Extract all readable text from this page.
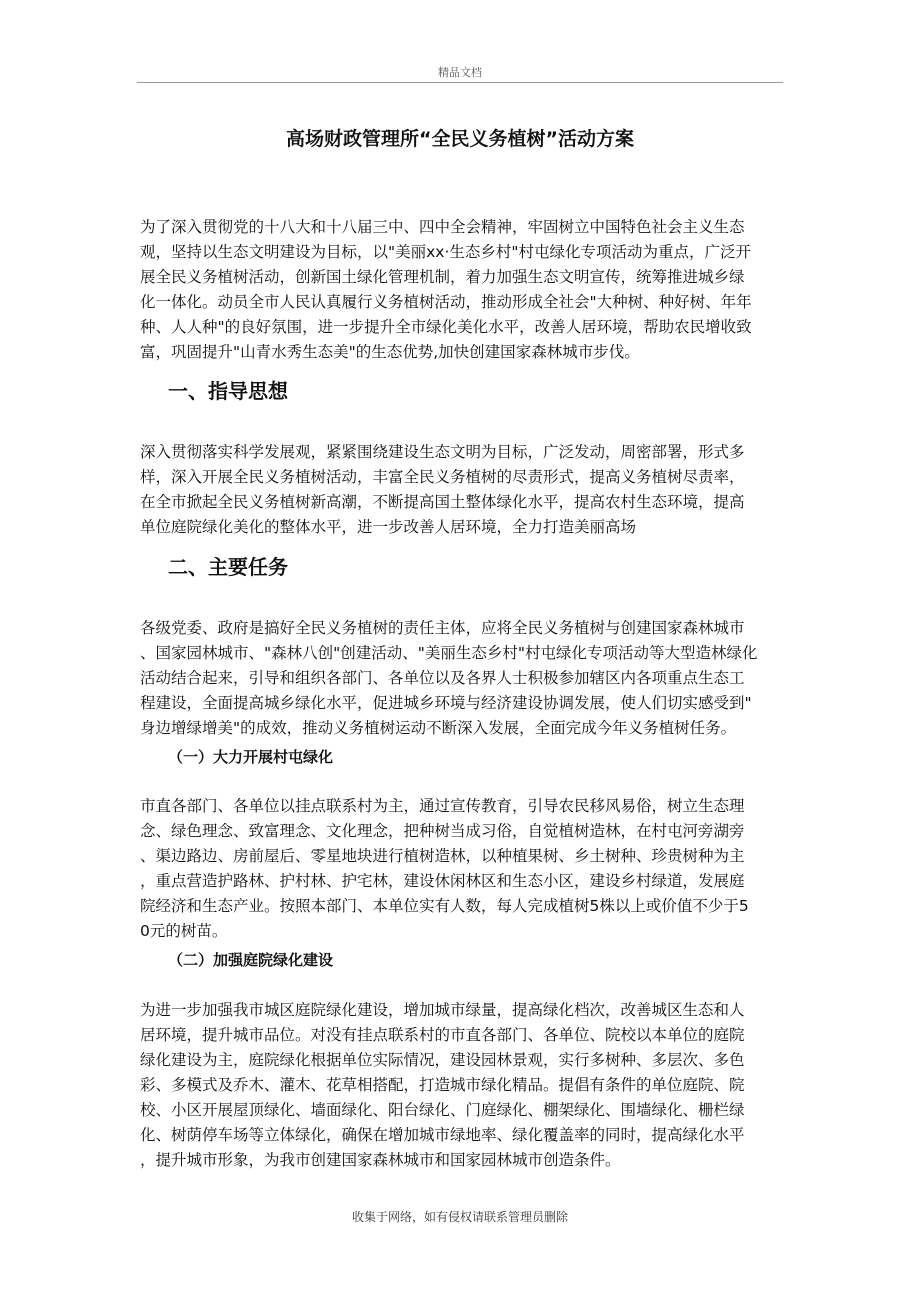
精品文档
高场财政管理所“全民义务植树”活动方案
为了深入贯彻党的十八大和十八届三中、四中全会精神，牢固树立中国特色社会主义生态
观，坚持以生态文明建设为目标，以"美丽xx·生态乡村"村屯绿化专项活动为重点，广泛开
展全民义务植树活动，创新国土绿化管理机制，着力加强生态文明宣传，统筹推进城乡绿
化一体化。动员全市人民认真履行义务植树活动，推动形成全社会"大种树、种好树、年年
种、人人种"的良好氛围，进一步提升全市绿化美化水平，改善人居环境，帮助农民增收致
富，巩固提升"山青水秀生态美"的生态优势,加快创建国家森林城市步伐。
一、指导思想
深入贯彻落实科学发展观，紧紧围绕建设生态文明为目标，广泛发动，周密部署，形式多
样，深入开展全民义务植树活动，丰富全民义务植树的尽责形式，提高义务植树尽责率，
在全市掀起全民义务植树新高潮，不断提高国土整体绿化水平，提高农村生态环境，提高
单位庭院绿化美化的整体水平，进一步改善人居环境，全力打造美丽高场
二、主要任务
各级党委、政府是搞好全民义务植树的责任主体，应将全民义务植树与创建国家森林城市
、国家园林城市、"森林八创"创建活动、"美丽生态乡村"村屯绿化专项活动等大型造林绿化
活动结合起来，引导和组织各部门、各单位以及各界人士积极参加辖区内各项重点生态工
程建设，全面提高城乡绿化水平，促进城乡环境与经济建设协调发展，使人们切实感受到"
身边增绿增美"的成效，推动义务植树运动不断深入发展，全面完成今年义务植树任务。
（一）大力开展村屯绿化
市直各部门、各单位以挂点联系村为主，通过宣传教育，引导农民移风易俗，树立生态理
念、绿色理念、致富理念、文化理念，把种树当成习俗，自觉植树造林，在村屯河旁湖旁
、渠边路边、房前屋后、零星地块进行植树造林，以种植果树、乡土树种、珍贵树种为主
，重点营造护路林、护村林、护宅林，建设休闲林区和生态小区，建设乡村绿道，发展庭
院经济和生态产业。按照本部门、本单位实有人数，每人完成植树5株以上或价值不少于5
0元的树苗。
（二）加强庭院绿化建设
为进一步加强我市城区庭院绿化建设，增加城市绿量，提高绿化档次，改善城区生态和人
居环境，提升城市品位。对没有挂点联系村的市直各部门、各单位、院校以本单位的庭院
绿化建设为主，庭院绿化根据单位实际情况，建设园林景观，实行多树种、多层次、多色
彩、多模式及乔木、灌木、花草相搭配，打造城市绿化精品。提倡有条件的单位庭院、院
校、小区开展屋顶绿化、墙面绿化、阳台绿化、门庭绿化、棚架绿化、围墙绿化、栅栏绿
化、树荫停车场等立体绿化，确保在增加城市绿地率、绿化覆盖率的同时，提高绿化水平
，提升城市形象，为我市创建国家森林城市和国家园林城市创造条件。
收集于网络，如有侵权请联系管理员删除
